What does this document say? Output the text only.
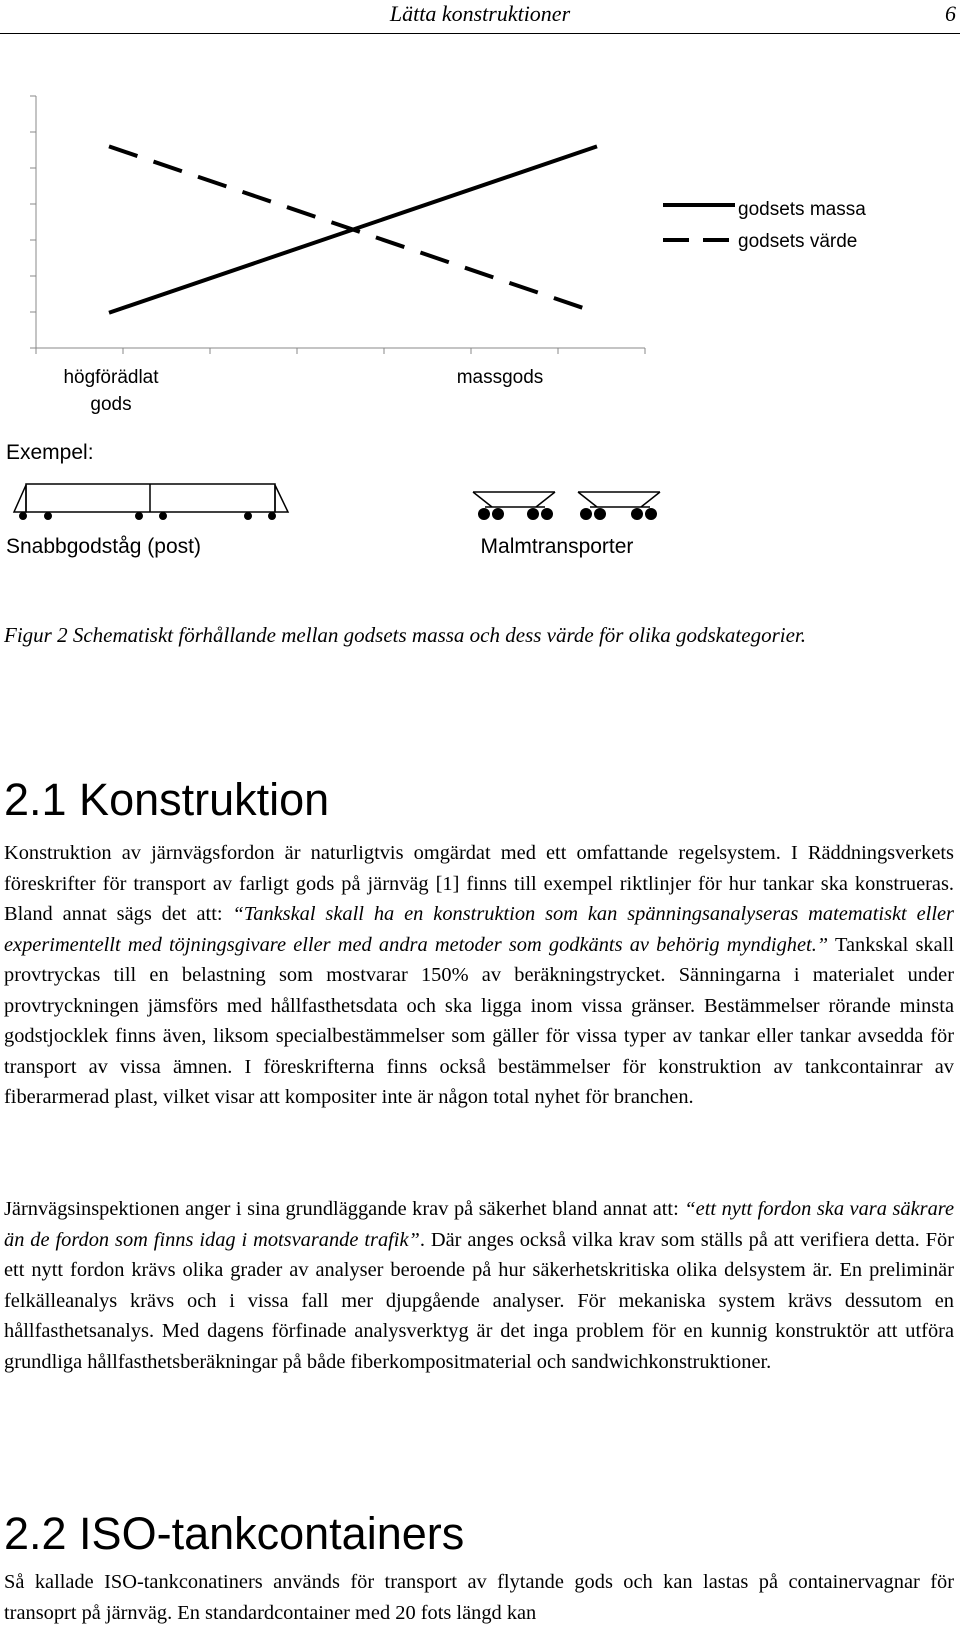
Lätta konstruktioner	6
godsets massa
godsets värde
högförädlat
gods
massgods
Exempel:
Snabbgodståg (post)	Malmtransporter
Figur 2 Schematiskt förhållande mellan godsets massa och dess värde för olika godskategorier.
2.1 Konstruktion

Konstruktion av järnvägsfordon är naturligtvis omgärdat med ett omfattande regelsystem. I Räddningsverkets föreskrifter för transport av farligt gods på järnväg [1] finns till exempel riktlinjer för hur tankar ska konstrueras. Bland annat sägs det att: “Tankskal skall ha en konstruktion som kan spänningsanalyseras matematiskt eller experimentellt med töjningsgivare eller med andra metoder som godkänts av behörig myndighet.” Tankskal skall provtryckas till en belastning som mostvarar 150% av beräkningstrycket. Sänningarna i materialet under provtryckningen jämsförs med hållfasthetsdata och ska ligga inom vissa gränser. Bestämmelser rörande minsta godstjocklek finns även, liksom specialbestämmelser som gäller för vissa typer av tankar eller tankar avsedda för transport av vissa ämnen. I föreskrifterna finns också bestämmelser för konstruktion av tankcontainrar av fiberarmerad plast, vilket visar att kompositer inte är någon total nyhet för branchen.

Järnvägsinspektionen anger i sina grundläggande krav på säkerhet bland annat att: “ett nytt fordon ska vara säkrare än de fordon som finns idag i motsvarande trafik”. Där anges också vilka krav som ställs på att verifiera detta. För ett nytt fordon krävs olika grader av analyser beroende på hur säkerhetskritiska olika delsystem är. En preliminär felkälleanalys krävs och i vissa fall mer djupgående analyser. För mekaniska system krävs dessutom en hållfasthetsanalys. Med dagens förfinade analysverktyg är det inga problem för en kunnig konstruktör att utföra grundliga hållfasthetsberäkningar på både fiberkompositmaterial och sandwichkonstruktioner.

2.2 ISO-tankcontainers

Så kallade ISO-tankconatiners används för transport av flytande gods och kan lastas på containervagnar för transoprt på järnväg. En standardcontainer med 20 fots längd kan
